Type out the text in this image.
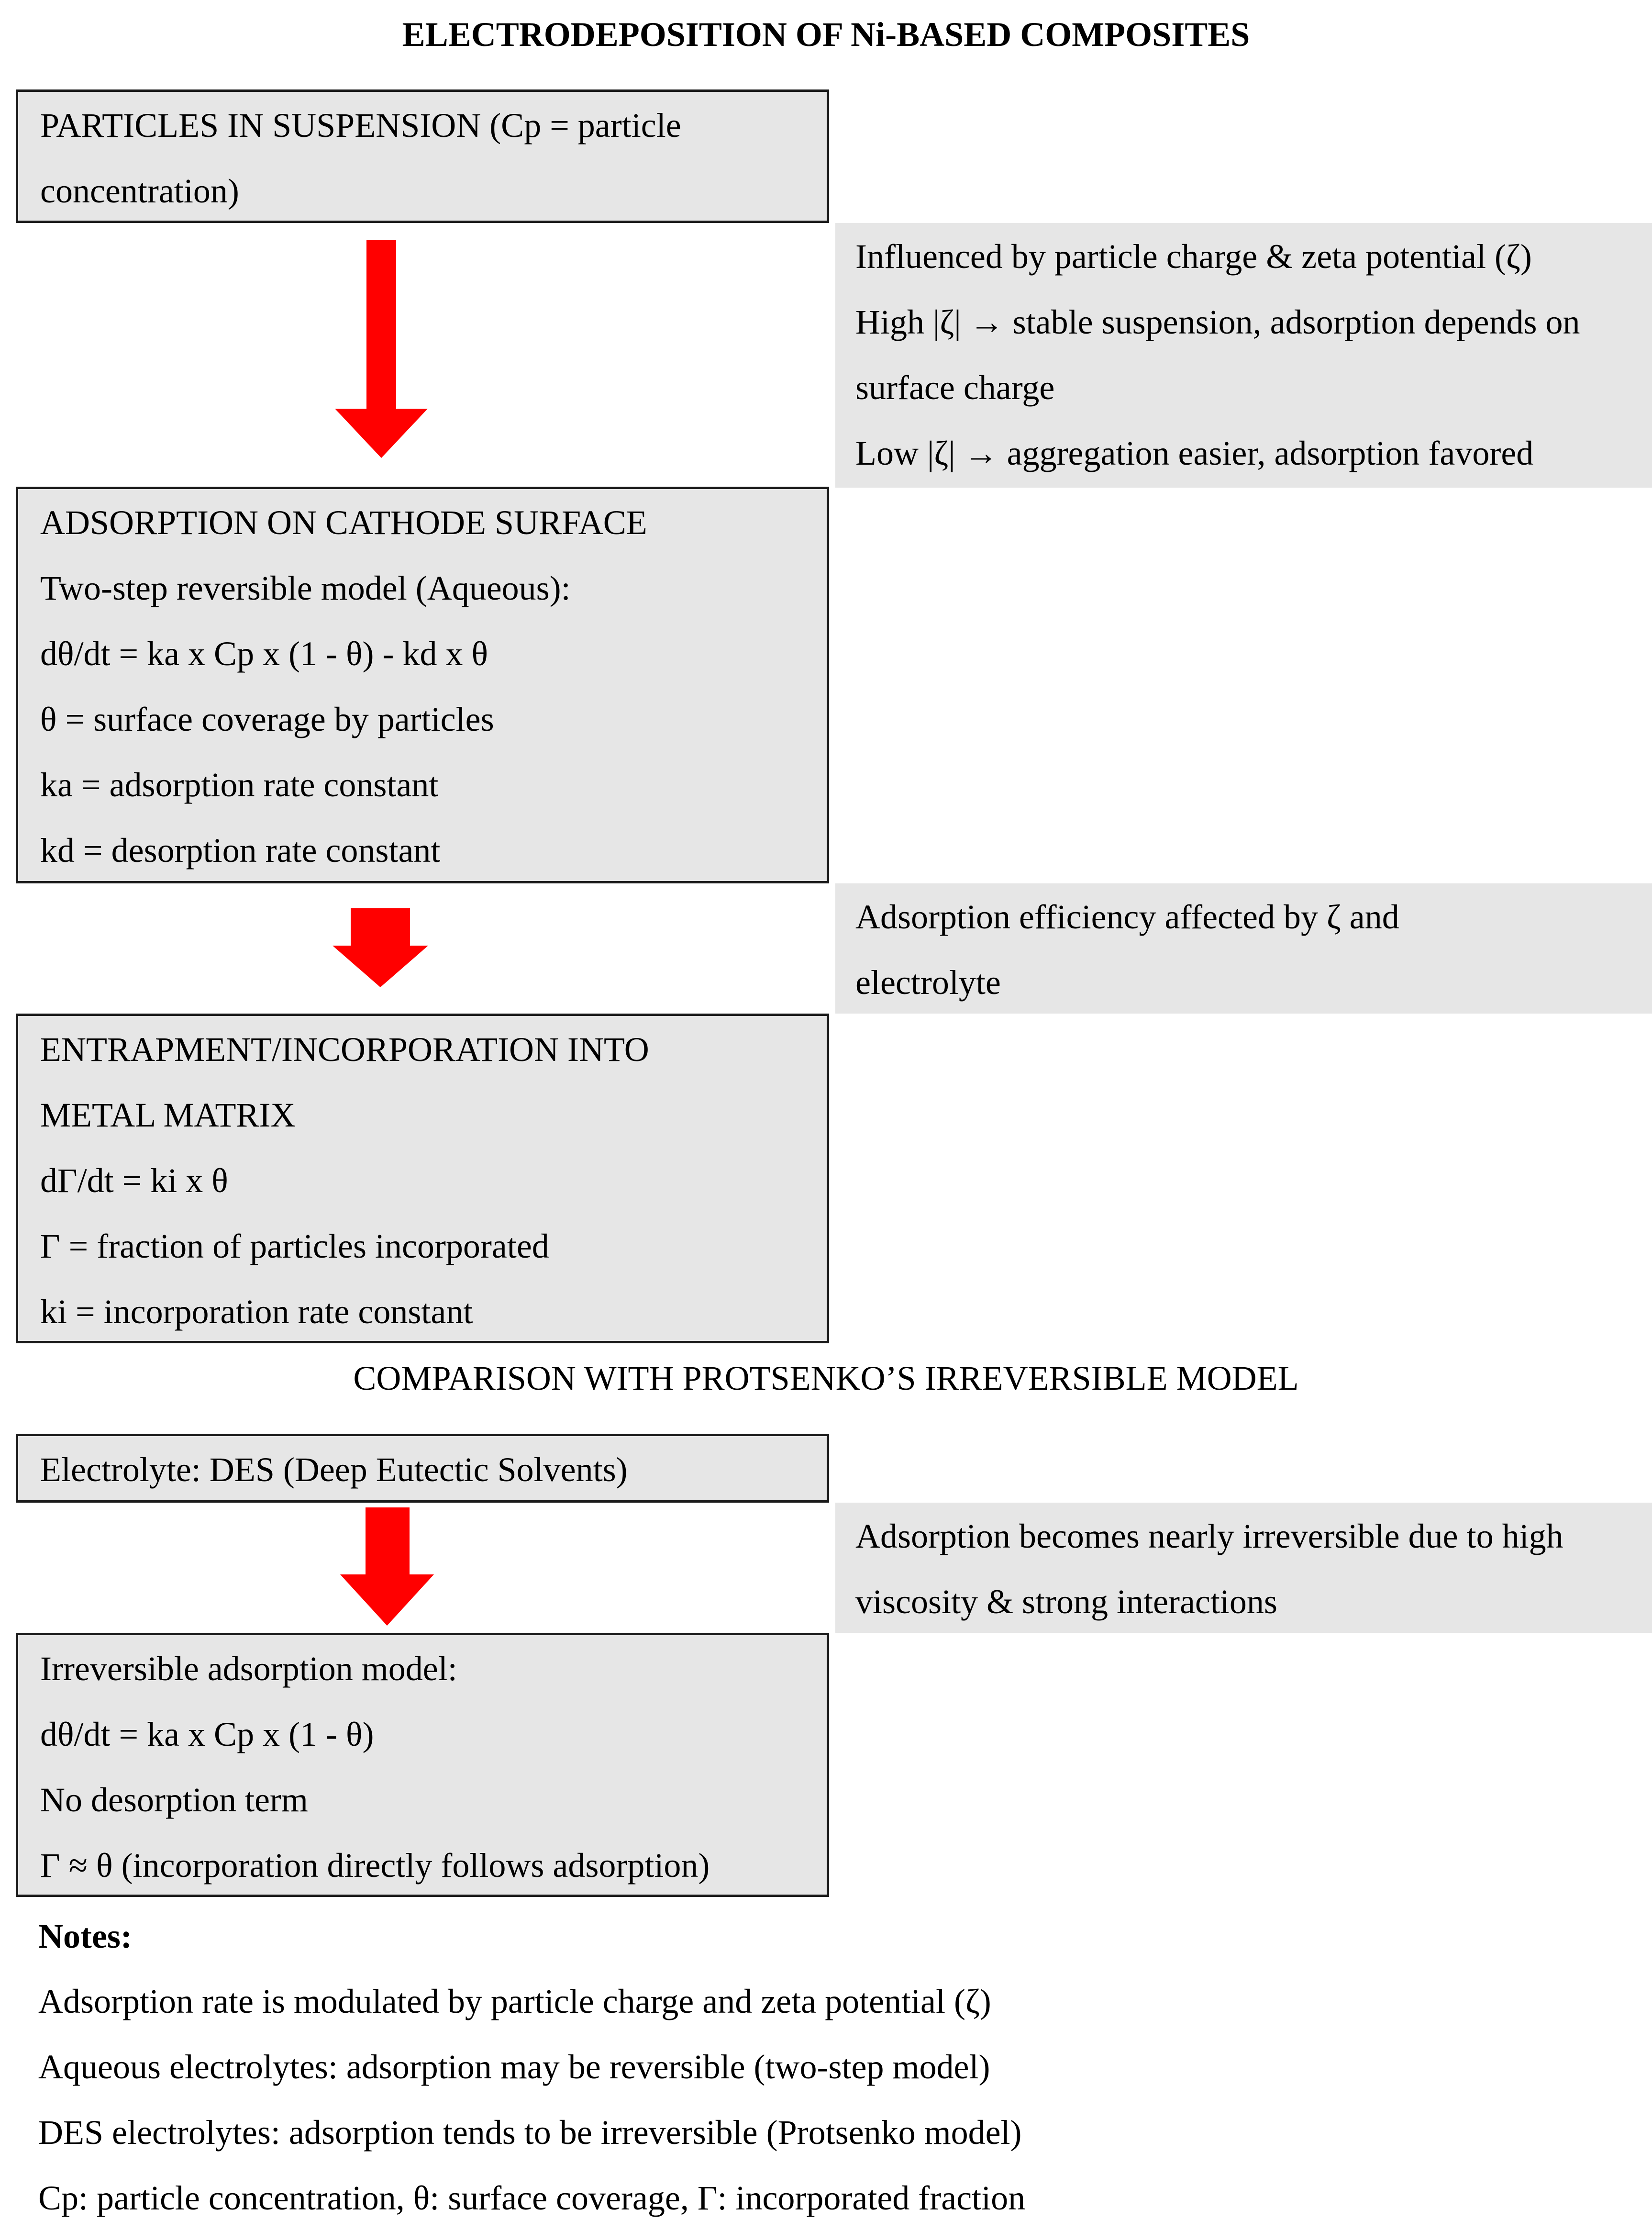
ELECTRODEPOSITION OF Ni-BASED COMPOSITES
PARTICLES IN SUSPENSION (Cp = particle
concentration)
Influenced by particle charge & zeta potential (ζ)
High |ζ| → stable suspension, adsorption depends on
surface charge
Low |ζ| → aggregation easier, adsorption favored
ADSORPTION ON CATHODE SURFACE
Two-step reversible model (Aqueous):
dθ/dt = ka x Cp x (1 - θ) - kd x θ
θ = surface coverage by particles
ka = adsorption rate constant
kd = desorption rate constant
Adsorption efficiency affected by ζ and
electrolyte
ENTRAPMENT/INCORPORATION INTO
METAL MATRIX
dΓ/dt = ki x θ
Γ = fraction of particles incorporated
ki = incorporation rate constant
COMPARISON WITH PROTSENKO’S IRREVERSIBLE MODEL
Electrolyte: DES (Deep Eutectic Solvents)
Adsorption becomes nearly irreversible due to high
viscosity & strong interactions
Irreversible adsorption model:
dθ/dt = ka x Cp x (1 - θ)
No desorption term
Γ ≈ θ (incorporation directly follows adsorption)
Notes:
Adsorption rate is modulated by particle charge and zeta potential (ζ)
Aqueous electrolytes: adsorption may be reversible (two-step model)
DES electrolytes: adsorption tends to be irreversible (Protsenko model)
Cp: particle concentration, θ: surface coverage, Γ: incorporated fraction
